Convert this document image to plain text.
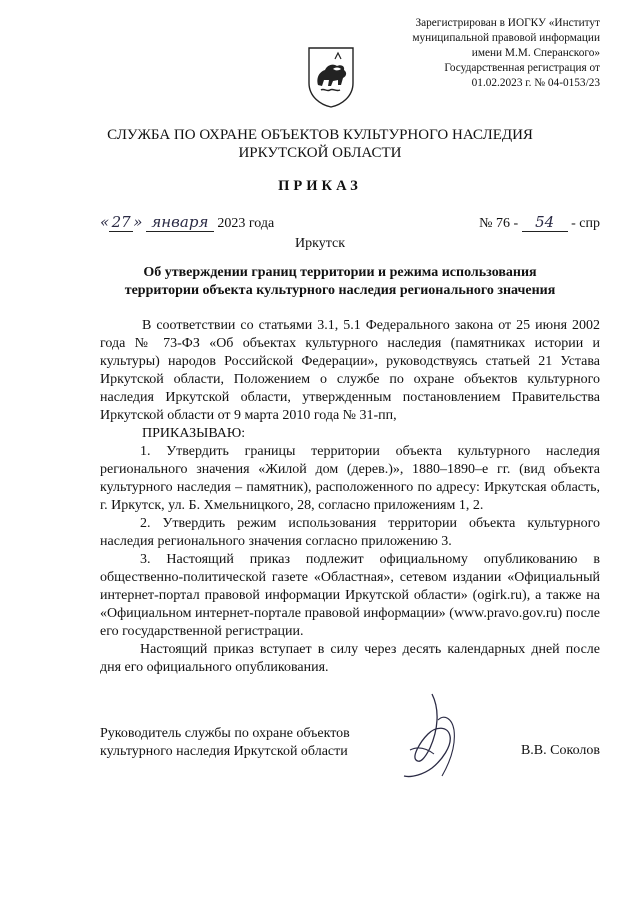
Зарегистрирован в ИОГКУ «Институт
муниципальной правовой информации
имени М.М. Сперанского»
Государственная регистрация от
01.02.2023 г. № 04-0153/23
СЛУЖБА ПО ОХРАНЕ ОБЪЕКТОВ КУЛЬТУРНОГО НАСЛЕДИЯ
ИРКУТСКОЙ ОБЛАСТИ
ПРИКАЗ
« 27 » января 2023 года	№ 76 - 54 - спр
Иркутск
Об утверждении границ территории и режима использования
территории объекта культурного наследия регионального значения

В соответствии со статьями 3.1, 5.1 Федерального закона от 25 июня 2002 года № 73-ФЗ «Об объектах культурного наследия (памятниках истории и культуры) народов Российской Федерации», руководствуясь статьей 21 Устава Иркутской области, Положением о службе по охране объектов культурного наследия Иркутской области, утвержденным постановлением Правительства Иркутской области от 9 марта 2010 года № 31-пп,

ПРИКАЗЫВАЮ:

1. Утвердить границы территории объекта культурного наследия регионального значения «Жилой дом (дерев.)», 1880–1890–е гг. (вид объекта культурного наследия – памятник), расположенного по адресу: Иркутская область, г. Иркутск, ул. Б. Хмельницкого, 28, согласно приложениям 1, 2.

2. Утвердить режим использования территории объекта культурного наследия регионального значения согласно приложению 3.

3. Настоящий приказ подлежит официальному опубликованию в общественно-политической газете «Областная», сетевом издании «Официальный интернет-портал правовой информации Иркутской области» (ogirk.ru), а также на «Официальном интернет-портале правовой информации» (www.pravo.gov.ru) после его государственной регистрации.

Настоящий приказ вступает в силу через десять календарных дней после дня его официального опубликования.

Руководитель службы по охране объектов
культурного наследия Иркутской области	В.В. Соколов
